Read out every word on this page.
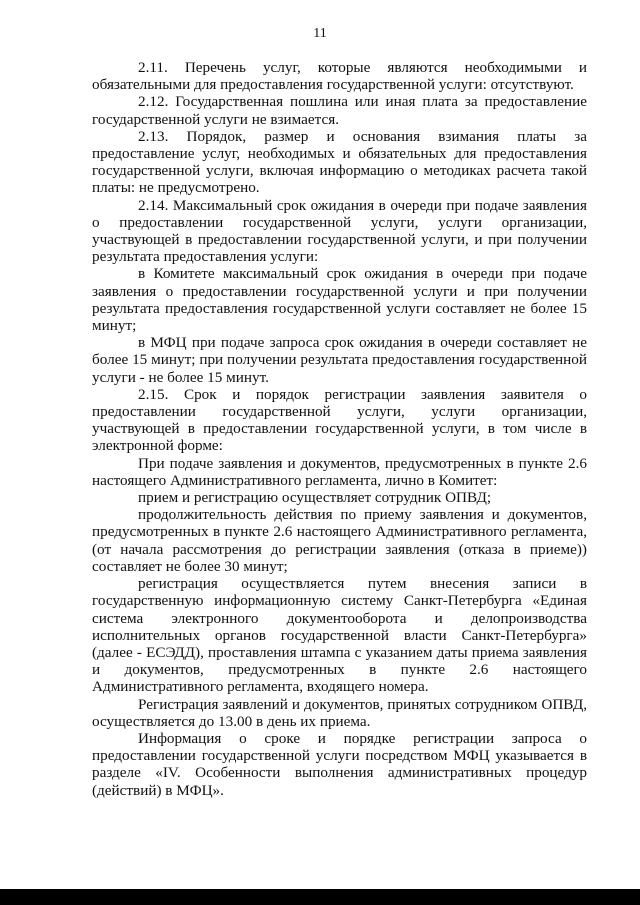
11

2.11. Перечень услуг, которые являются необходимыми и обязательными для предоставления государственной услуги: отсутствуют.

2.12. Государственная пошлина или иная плата за предоставление государственной услуги не взимается.

2.13. Порядок, размер и основания взимания платы за предоставление услуг, необходимых и обязательных для предоставления государственной услуги, включая информацию о методиках расчета такой платы: не предусмотрено.

2.14. Максимальный срок ожидания в очереди при подаче заявления о предоставлении государственной услуги, услуги организации, участвующей в предоставлении государственной услуги, и при получении результата предоставления услуги:

в Комитете максимальный срок ожидания в очереди при подаче заявления о предоставлении государственной услуги и при получении результата предоставления государственной услуги составляет не более 15 минут;

в МФЦ при подаче запроса срок ожидания в очереди составляет не более 15 минут; при получении результата предоставления государственной услуги - не более 15 минут.

2.15. Срок и порядок регистрации заявления заявителя о предоставлении государственной услуги, услуги организации, участвующей в предоставлении государственной услуги, в том числе в электронной форме:

При подаче заявления и документов, предусмотренных в пункте 2.6 настоящего Административного регламента, лично в Комитет:

прием и регистрацию осуществляет сотрудник ОПВД;

продолжительность действия по приему заявления и документов, предусмотренных в пункте 2.6 настоящего Административного регламента, (от начала рассмотрения до регистрации заявления (отказа в приеме)) составляет не более 30 минут;

регистрация осуществляется путем внесения записи в государственную информационную систему Санкт-Петербурга «Единая система электронного документооборота и делопроизводства исполнительных органов государственной власти Санкт-Петербурга» (далее - ЕСЭДД), проставления штампа с указанием даты приема заявления и документов, предусмотренных в пункте 2.6 настоящего Административного регламента, входящего номера.

Регистрация заявлений и документов, принятых сотрудником ОПВД, осуществляется до 13.00 в день их приема.

Информация о сроке и порядке регистрации запроса о предоставлении государственной услуги посредством МФЦ указывается в разделе «IV. Особенности выполнения административных процедур (действий) в МФЦ».
